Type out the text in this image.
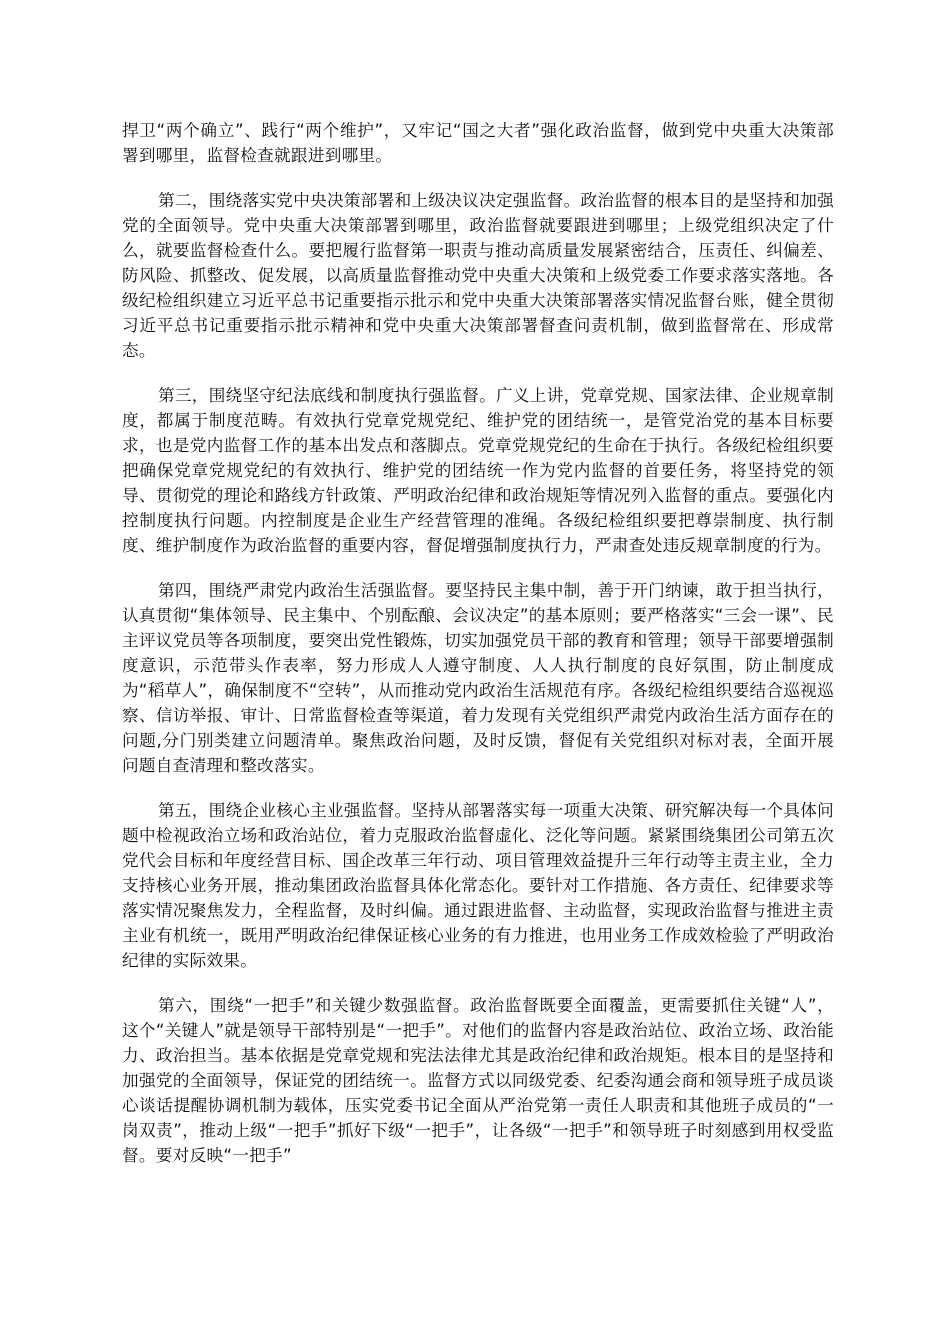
捍卫“两个确立”、践行“两个维护”，又牢记“国之大者”强化政治监督，做到党中央重大决策部署到哪里，监督检查就跟进到哪里。

第二，围绕落实党中央决策部署和上级决议决定强监督。政治监督的根本目的是坚持和加强党的全面领导。党中央重大决策部署到哪里，政治监督就要跟进到哪里；上级党组织决定了什么，就要监督检查什么。要把履行监督第一职责与推动高质量发展紧密结合，压责任、纠偏差、防风险、抓整改、促发展，以高质量监督推动党中央重大决策和上级党委工作要求落实落地。各级纪检组织建立习近平总书记重要指示批示和党中央重大决策部署落实情况监督台账，健全贯彻习近平总书记重要指示批示精神和党中央重大决策部署督查问责机制，做到监督常在、形成常态。

第三，围绕坚守纪法底线和制度执行强监督。广义上讲，党章党规、国家法律、企业规章制度，都属于制度范畴。有效执行党章党规党纪、维护党的团结统一，是管党治党的基本目标要求，也是党内监督工作的基本出发点和落脚点。党章党规党纪的生命在于执行。各级纪检组织要把确保党章党规党纪的有效执行、维护党的团结统一作为党内监督的首要任务，将坚持党的领导、贯彻党的理论和路线方针政策、严明政治纪律和政治规矩等情况列入监督的重点。要强化内控制度执行问题。内控制度是企业生产经营管理的准绳。各级纪检组织要把尊崇制度、执行制度、维护制度作为政治监督的重要内容，督促增强制度执行力，严肃查处违反规章制度的行为。

第四，围绕严肃党内政治生活强监督。要坚持民主集中制，善于开门纳谏，敢于担当执行，认真贯彻“集体领导、民主集中、个别酝酿、会议决定”的基本原则；要严格落实“三会一课”、民主评议党员等各项制度，要突出党性锻炼，切实加强党员干部的教育和管理；领导干部要增强制度意识，示范带头作表率，努力形成人人遵守制度、人人执行制度的良好氛围，防止制度成为“稻草人”，确保制度不“空转”，从而推动党内政治生活规范有序。各级纪检组织要结合巡视巡察、信访举报、审计、日常监督检查等渠道，着力发现有关党组织严肃党内政治生活方面存在的问题,分门别类建立问题清单。聚焦政治问题，及时反馈，督促有关党组织对标对表，全面开展问题自查清理和整改落实。

第五，围绕企业核心主业强监督。坚持从部署落实每一项重大决策、研究解决每一个具体问题中检视政治立场和政治站位，着力克服政治监督虚化、泛化等问题。紧紧围绕集团公司第五次党代会目标和年度经营目标、国企改革三年行动、项目管理效益提升三年行动等主责主业，全力支持核心业务开展，推动集团政治监督具体化常态化。要针对工作措施、各方责任、纪律要求等落实情况聚焦发力，全程监督，及时纠偏。通过跟进监督、主动监督，实现政治监督与推进主责主业有机统一，既用严明政治纪律保证核心业务的有力推进，也用业务工作成效检验了严明政治纪律的实际效果。

第六，围绕“一把手”和关键少数强监督。政治监督既要全面覆盖，更需要抓住关键“人”，这个“关键人”就是领导干部特别是“一把手”。对他们的监督内容是政治站位、政治立场、政治能力、政治担当。基本依据是党章党规和宪法法律尤其是政治纪律和政治规矩。根本目的是坚持和加强党的全面领导，保证党的团结统一。监督方式以同级党委、纪委沟通会商和领导班子成员谈心谈话提醒协调机制为载体，压实党委书记全面从严治党第一责任人职责和其他班子成员的“一岗双责”，推动上级“一把手”抓好下级“一把手”，让各级“一把手”和领导班子时刻感到用权受监督。要对反映“一把手”
